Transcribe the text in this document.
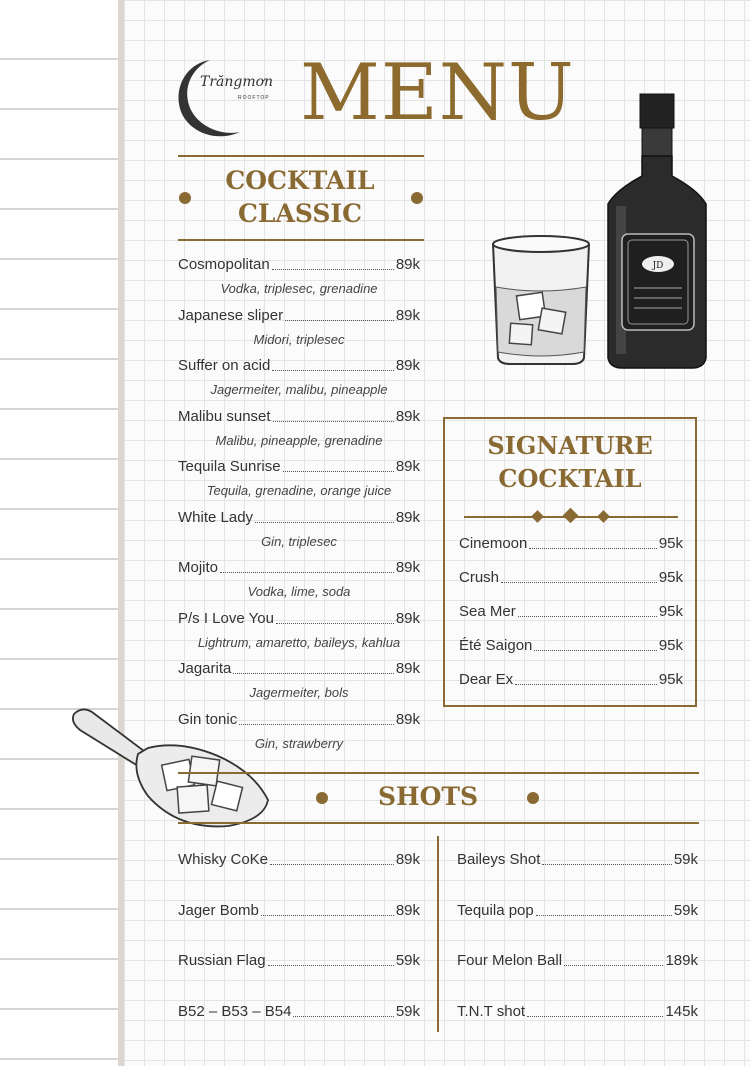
Trăngmơn
ROOFTOP MENU
COCKTAIL
CLASSIC
Cosmopolitan	89k
Vodka, triplesec, grenadine
Japanese sliper	89k
Midori, triplesec
Suffer on acid	89k
Jagermeiter, malibu, pineapple
Malibu sunset	89k
Malibu, pineapple, grenadine
Tequila Sunrise	89k
Tequila, grenadine, orange juice
White Lady	89k
Gin, triplesec
Mojito	89k
Vodka, lime, soda
P/s I Love You	89k
Lightrum, amaretto, baileys, kahlua
Jagarita	89k
Jagermeiter, bols
Gin tonic	89k
Gin, strawberry
JD
SIGNATURE
COCKTAIL
Cinemoon	95k
Crush	95k
Sea Mer	95k
Été Saigon	95k
Dear Ex	95k
SHOTS
Whisky CoKe	89k
Jager Bomb	89k
Russian Flag	59k
B52 – B53 – B54	59k
Baileys Shot	59k
Tequila pop	59k
Four Melon Ball	189k
T.N.T shot	145k
